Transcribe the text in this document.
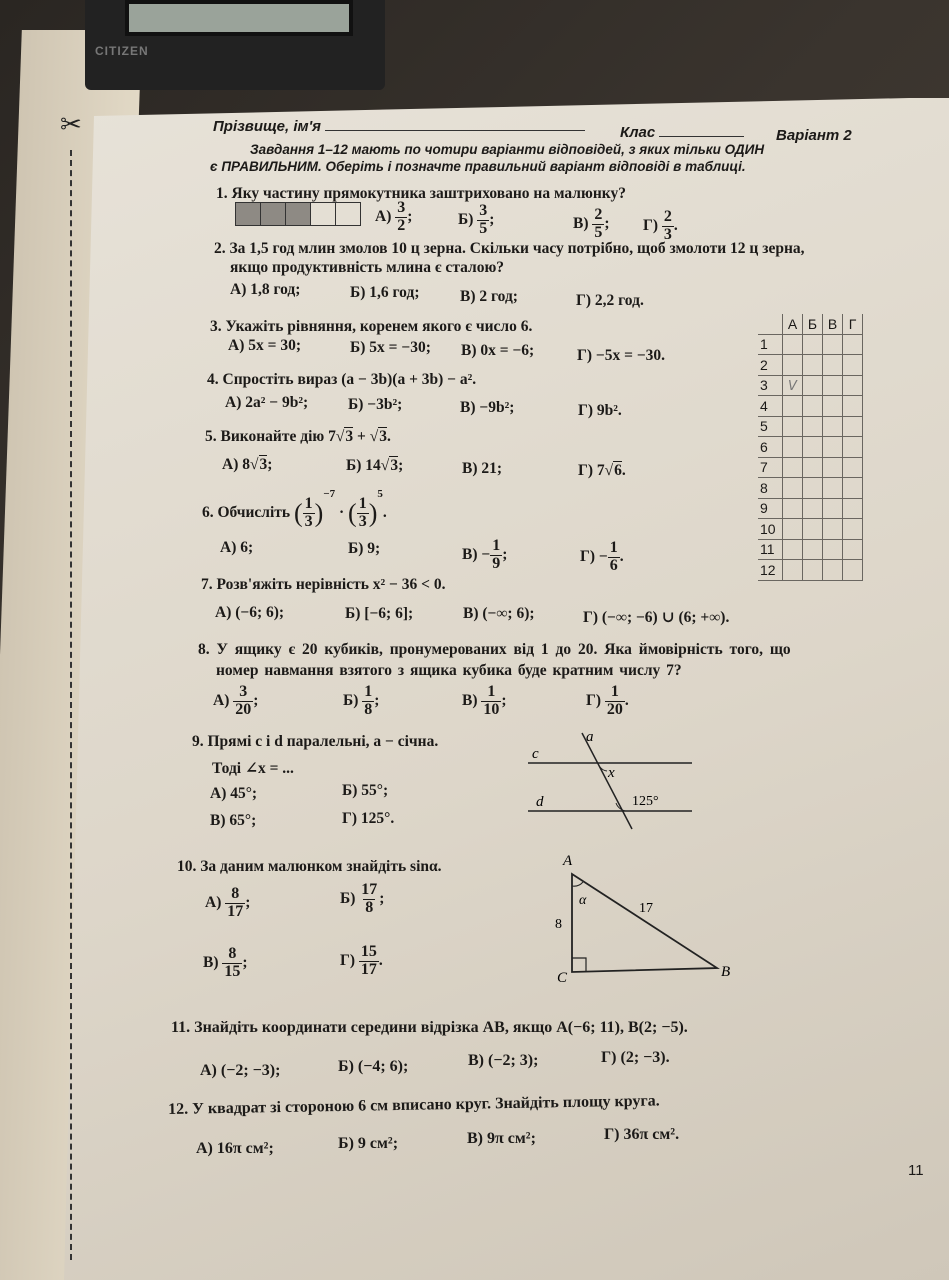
CITIZEN
✂	Прізвище, ім'я	Клас	Варіант 2
Завдання 1–12 мають по чотири варіанти відповідей, з яких тільки ОДИН
є ПРАВИЛЬНИМ. Оберіть і позначте правильний варіант відповіді в таблиці.
1. Яку частину прямокутника заштриховано на малюнку?
$А) \frac{3}{2}$ ;	$Б) \frac{3}{5}$ ;	$В) \frac{2}{5}$ ; $Г) \frac{2}{3}$ .
2. За 1,5 год млин змолов 10 ц зерна. Скільки часу потрібно, щоб змолоти 12 ц зерна,
якщо продуктивність млина є сталою?
А) 1,8 год;	Б) 1,6 год;	В) 2 год;	Г) 2,2 год.
3. Укажіть рівняння, коренем якого є число 6.
А) 5x = 30;	Б) 5x = −30; В) 0x = −6;	Г) −5x = −30.
4. Спростіть вираз (a − 3b)(a + 3b) − a².
А) 2a² − 9b²;	Б) −3b²;	В) −9b²;	Г) 9b².
5. Виконайте дію 7√3 + √3.
А) 8√3;	Б) 14√3;	В) 21;	Г) 7√6.
6. Обчисліть ( $\frac{1}{3} )^{-7}$ · ( $\frac{1}{3} )^5$.
А) 6;	Б) 9;	$В) - \frac{1}{9}$ ;	$Г) - \frac{1}{6}$ .
7. Розв'яжіть нерівність x² − 36 < 0.
А) (−6; 6);	Б) [−6; 6];	В) (−∞; 6);	Г) (−∞; −6) ∪ (6; +∞).
8. У ящику є 20 кубиків, пронумерованих від 1 до 20. Яка ймовірність того, що
номер навмання взятого з ящика кубика буде кратним числу 7?
$А) \frac{3}{20}$ ;	$Б) \frac{1}{8}$ ;	$В) \frac{1}{10}$ ;	$Г) \frac{1}{20}$ .
9. Прямі c і d паралельні, a − січна.
Тоді ∠x = ...
А) 45°;	Б) 55°;
В) 65°;	Г) 125°.
c
d
a
x
125°
10. За даним малюнком знайдіть sinα.
$А) \frac{8}{17}$ ;	$Б) \frac{17}{8}$ ;
$В) \frac{8}{15}$ ;	$Г) \frac{15}{17}$ .
A
B
C
α
8
17
11. Знайдіть координати середини відрізка AB, якщо A(−6; 11), B(2; −5).
А) (−2; −3);	Б) (−4; 6);	В) (−2; 3);	Г) (2; −3).
12. У квадрат зі стороною 6 см вписано круг. Знайдіть площу круга.
А) 16π см²;	Б) 9 см²;	В) 9π см²;	Г) 36π см².
	А	Б	В	Г
1				
2				
3	V			
4				
5				
6				
7				
8				
9				
10				
11				
12				
11
